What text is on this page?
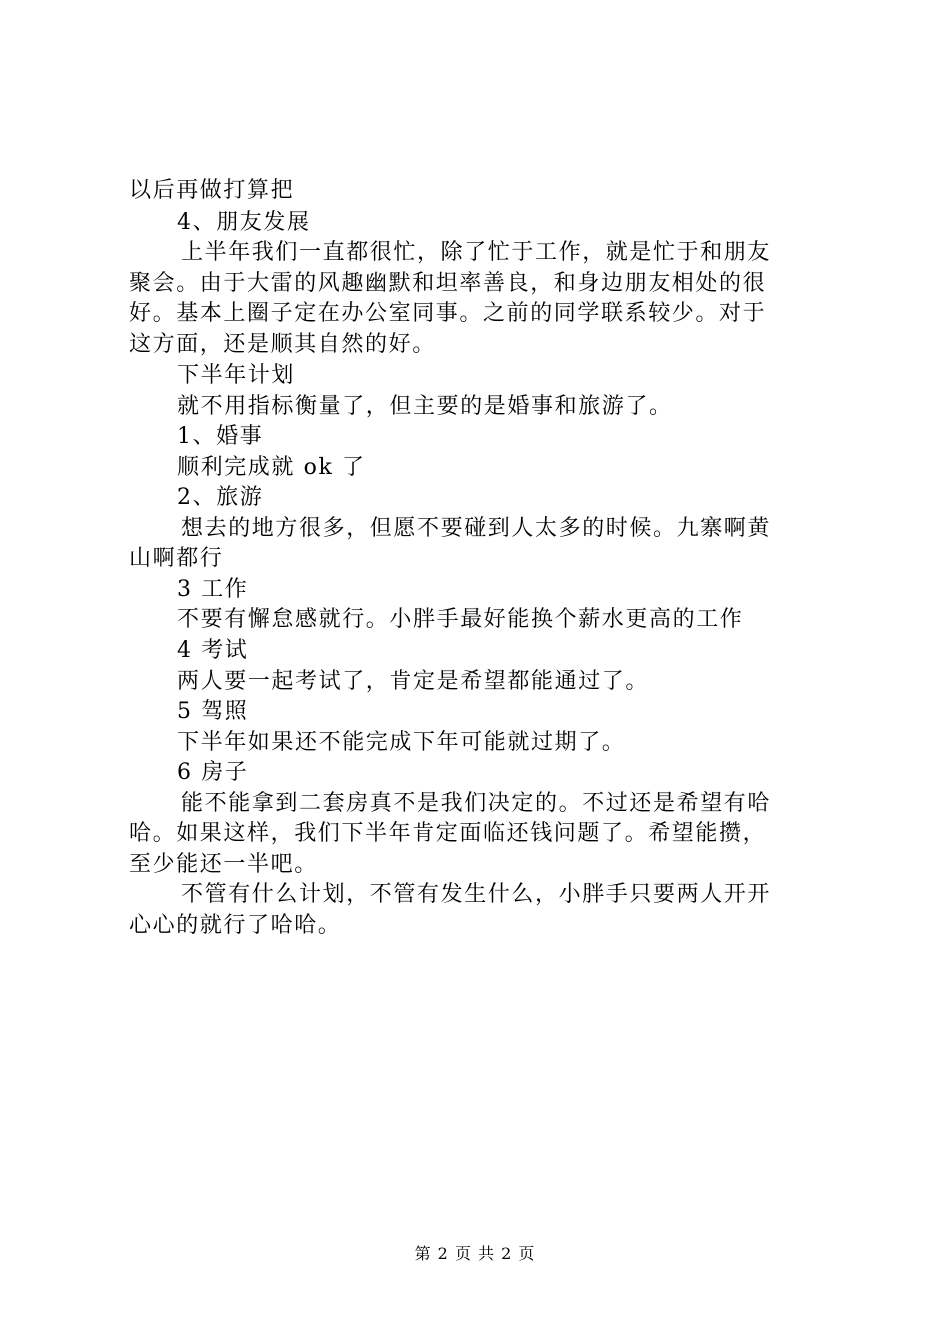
以后再做打算把
4、朋友发展
上半年我们一直都很忙，除了忙于工作，就是忙于和朋友
聚会。由于大雷的风趣幽默和坦率善良，和身边朋友相处的很
好。基本上圈子定在办公室同事。之前的同学联系较少。对于
这方面，还是顺其自然的好。
下半年计划
就不用指标衡量了，但主要的是婚事和旅游了。
1、婚事
顺利完成就 ok 了
2、旅游
想去的地方很多，但愿不要碰到人太多的时候。九寨啊黄
山啊都行
3 工作
不要有懈怠感就行。小胖手最好能换个薪水更高的工作
4 考试
两人要一起考试了，肯定是希望都能通过了。
5 驾照
下半年如果还不能完成下年可能就过期了。
6 房子
能不能拿到二套房真不是我们决定的。不过还是希望有哈
哈。如果这样，我们下半年肯定面临还钱问题了。希望能攒，
至少能还一半吧。
不管有什么计划，不管有发生什么，小胖手只要两人开开
心心的就行了哈哈。
第 2 页 共 2 页
